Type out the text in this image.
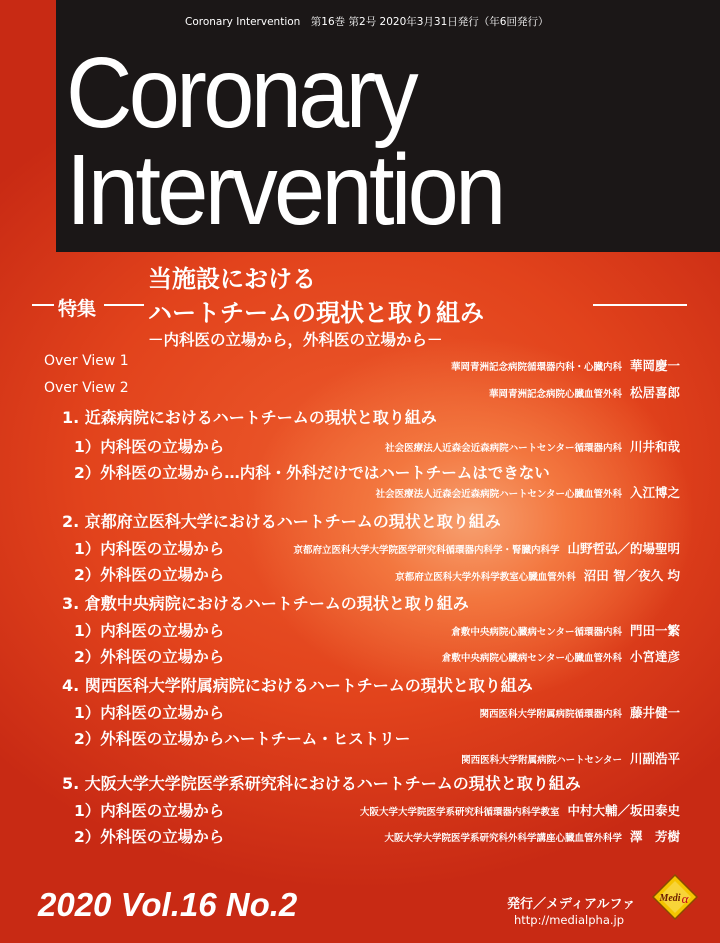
Coronary Intervention　第16巻 第2号 2020年3月31日発行（年6回発行）
Coronary
Intervention
特集
当施設における
ハートチームの現状と取り組み
－内科医の立場から，外科医の立場から－
Over View 1	華岡青洲記念病院循環器内科・心臓内科 華岡慶一
Over View 2	華岡青洲記念病院心臓血管外科 松居喜郎
1. 近森病院におけるハートチームの現状と取り組み
1）内科医の立場から	社会医療法人近森会近森病院ハートセンター循環器内科 川井和哉
2）外科医の立場から…内科・外科だけではハートチームはできない
社会医療法人近森会近森病院ハートセンター心臓血管外科 入江博之
2. 京都府立医科大学におけるハートチームの現状と取り組み
1）内科医の立場から	京都府立医科大学大学院医学研究科循環器内科学・腎臓内科学 山野哲弘／的場聖明
2）外科医の立場から	京都府立医科大学外科学教室心臓血管外科 沼田 智／夜久 均
3. 倉敷中央病院におけるハートチームの現状と取り組み
1）内科医の立場から	倉敷中央病院心臓病センター循環器内科 門田一繁
2）外科医の立場から	倉敷中央病院心臓病センター心臓血管外科 小宮達彦
4. 関西医科大学附属病院におけるハートチームの現状と取り組み
1）内科医の立場から	関西医科大学附属病院循環器内科 藤井健一
2）外科医の立場からハートチーム・ヒストリー
関西医科大学附属病院ハートセンター 川副浩平
5. 大阪大学大学院医学系研究科におけるハートチームの現状と取り組み
1）内科医の立場から	大阪大学大学院医学系研究科循環器内科学教室 中村大輔／坂田泰史
2）外科医の立場から	大阪大学大学院医学系研究科外科学講座心臓血管外科学 澤　芳樹
2020 Vol.16 No.2	発行／メディアルファ
http://medialpha.jp
Medi α
